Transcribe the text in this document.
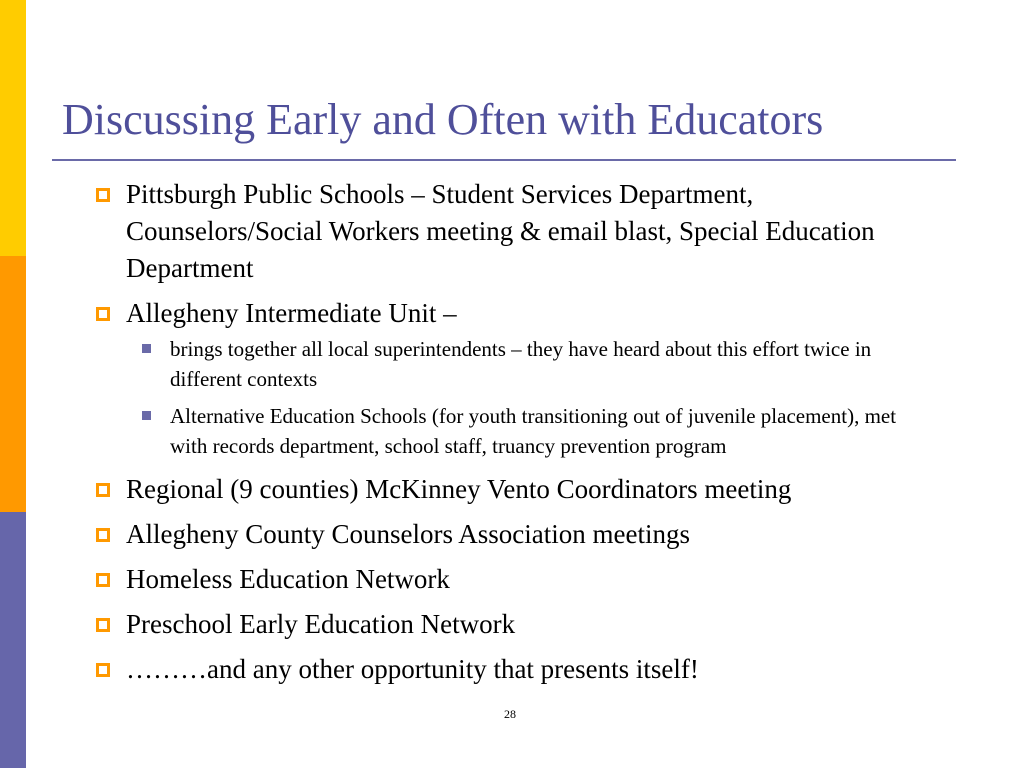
Discussing Early and Often with Educators
Pittsburgh Public Schools – Student Services Department, Counselors/Social Workers meeting & email blast, Special Education Department
Allegheny Intermediate Unit –
brings together all local superintendents – they have heard about this effort twice in different contexts
Alternative Education Schools (for youth transitioning out of juvenile placement), met with records department, school staff, truancy prevention program
Regional (9 counties) McKinney Vento Coordinators meeting
Allegheny County Counselors Association meetings
Homeless Education Network
Preschool Early Education Network
………and any other opportunity that presents itself!
28
